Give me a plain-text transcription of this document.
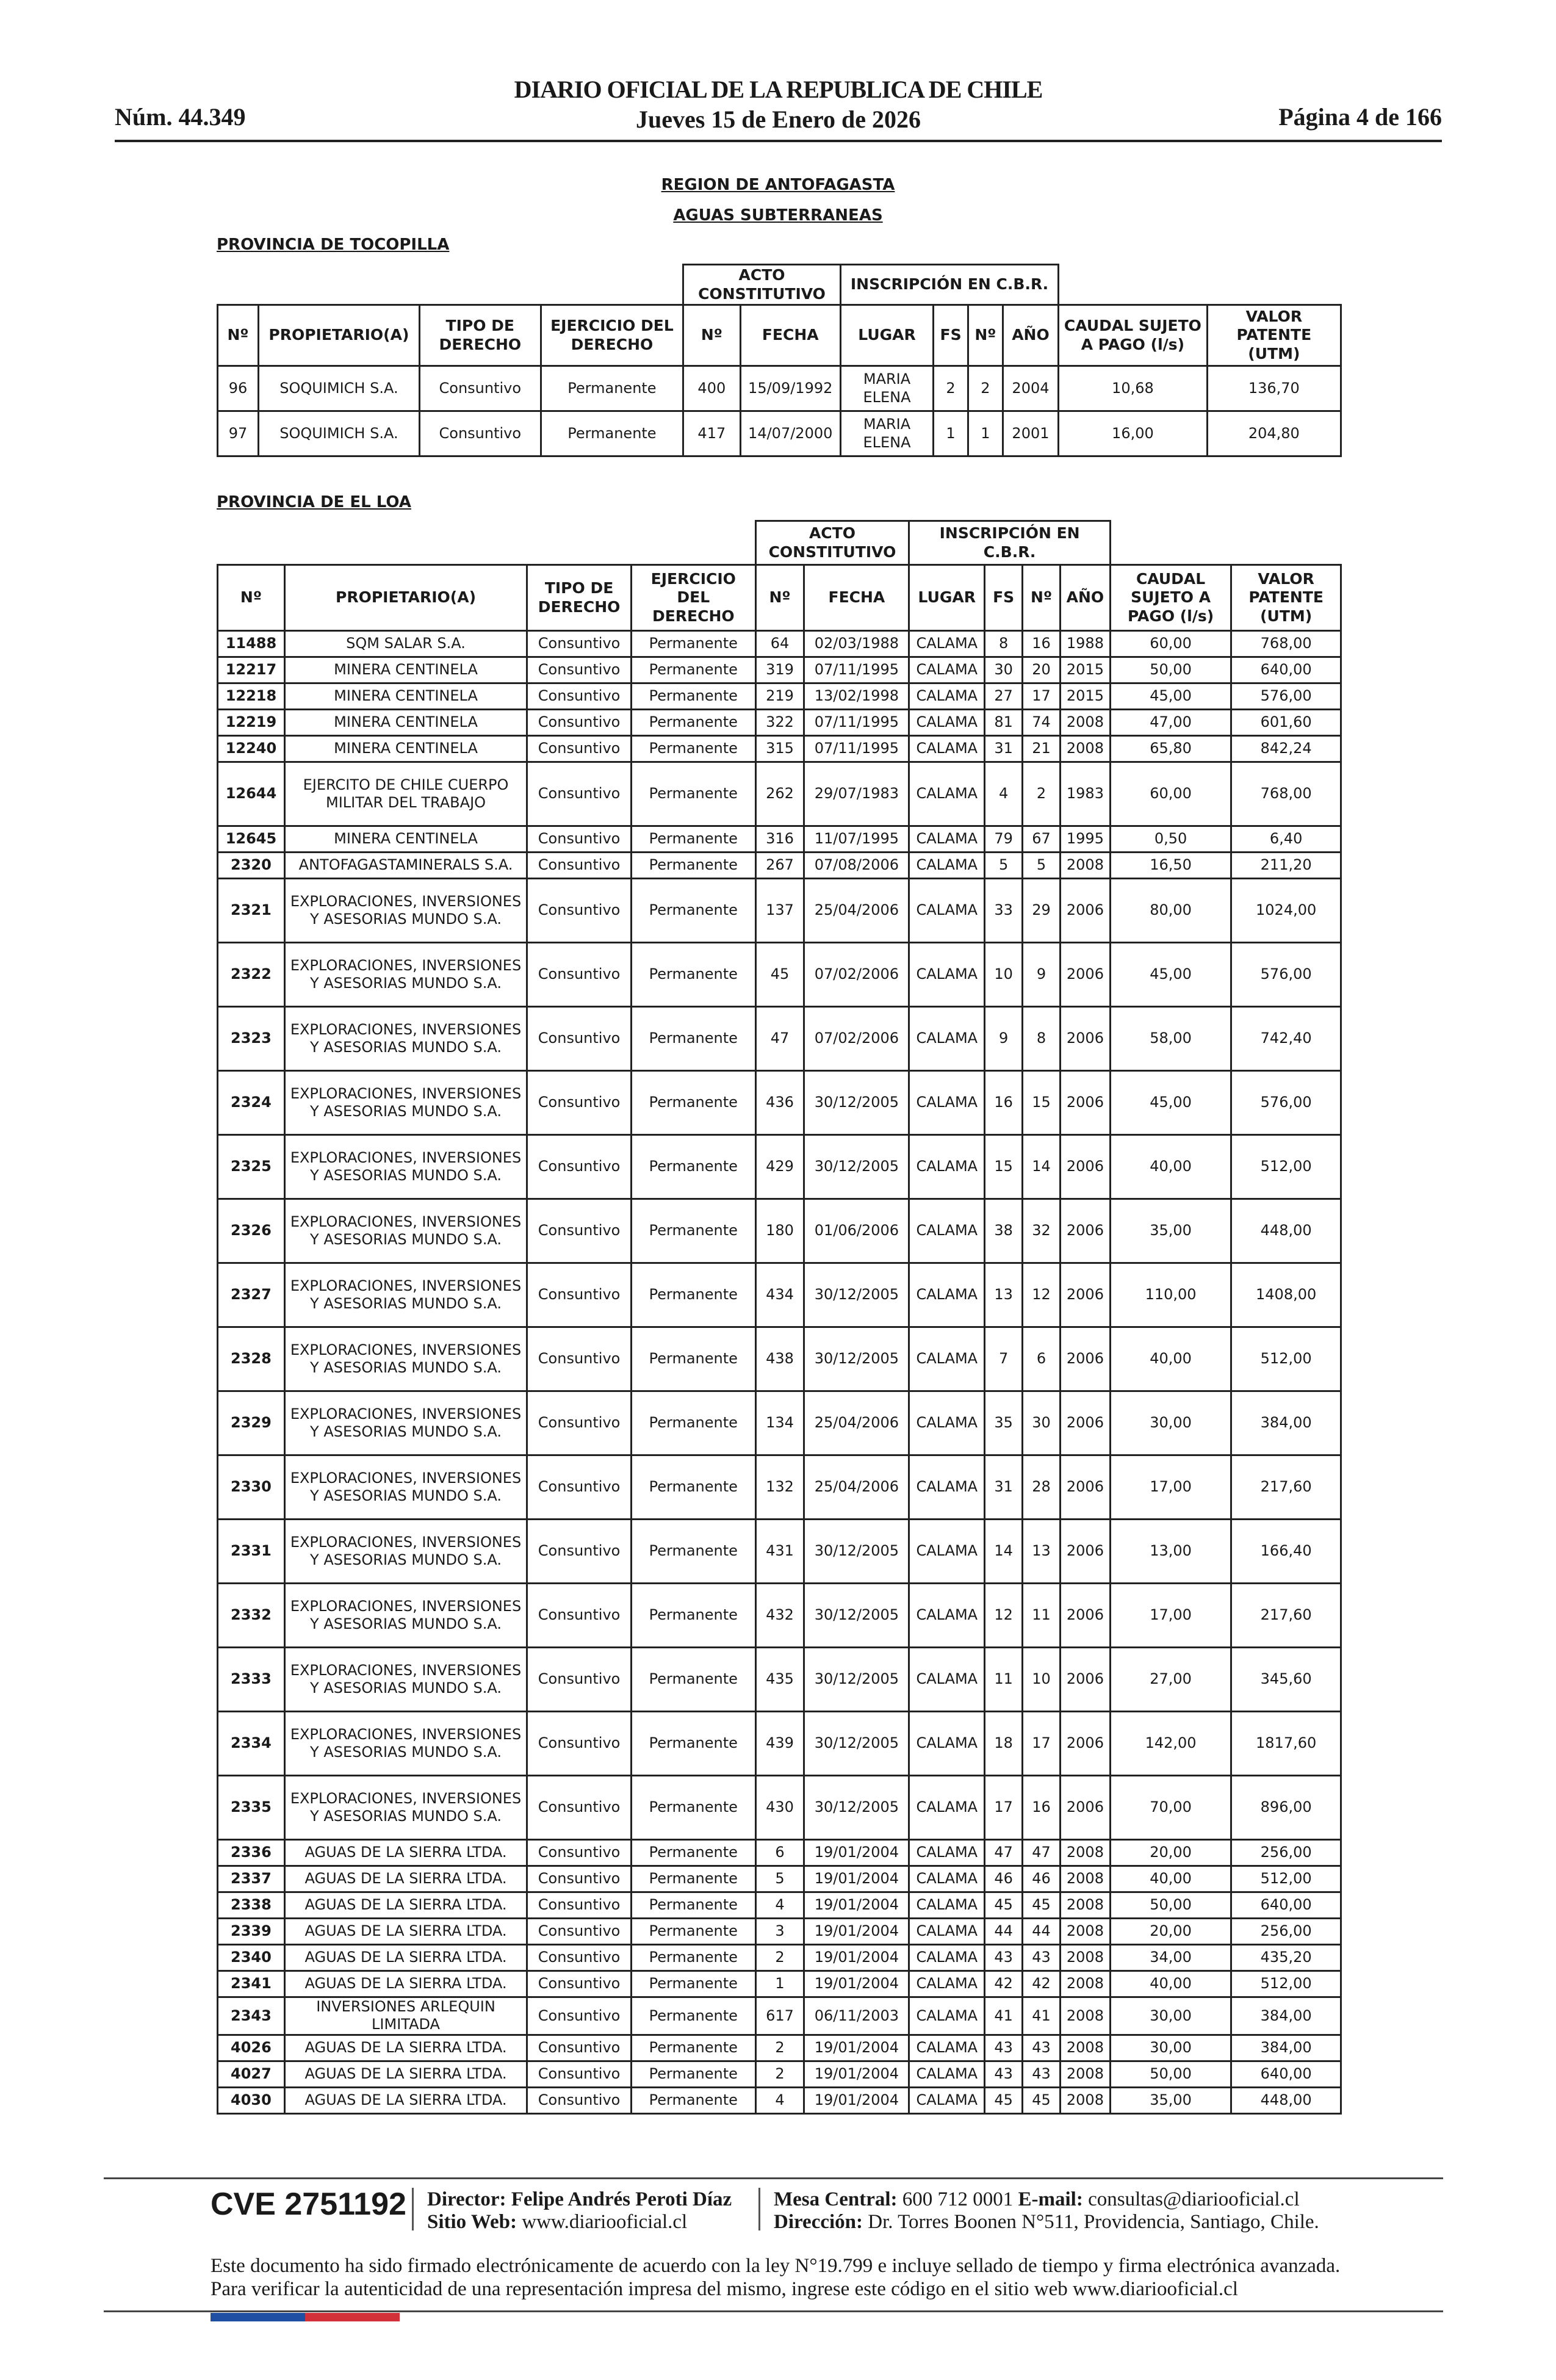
Núm. 44.349
DIARIO OFICIAL DE LA REPUBLICA DE CHILE
Jueves 15 de Enero de 2026	Página 4 de 166
REGION DE ANTOFAGASTA
AGUAS SUBTERRANEAS
PROVINCIA DE TOCOPILLA
				ACTO CONSTITUTIVO		INSCRIPCIÓN EN C.B.R.					
Nº	PROPIETARIO(A)	TIPO DE DERECHO	EJERCICIO DEL DERECHO	Nº	FECHA	LUGAR	FS	Nº	AÑO	CAUDAL SUJETO A PAGO (l/s)	VALOR PATENTE (UTM)
96	SOQUIMICH S.A.	Consuntivo	Permanente	400	15/09/1992	MARIA ELENA	2	2	2004	10,68	136,70
97	SOQUIMICH S.A.	Consuntivo	Permanente	417	14/07/2000	MARIA ELENA	1	1	2001	16,00	204,80
PROVINCIA DE EL LOA
				ACTO CONSTITUTIVO		INSCRIPCIÓN EN C.B.R.					
Nº	PROPIETARIO(A)	TIPO DE DERECHO	EJERCICIO DEL DERECHO	Nº	FECHA	LUGAR	FS	Nº	AÑO	CAUDAL SUJETO A PAGO (l/s)	VALOR PATENTE (UTM)
11488	SQM SALAR S.A.	Consuntivo	Permanente	64	02/03/1988	CALAMA	8	16	1988	60,00	768,00
12217	MINERA CENTINELA	Consuntivo	Permanente	319	07/11/1995	CALAMA	30	20	2015	50,00	640,00
12218	MINERA CENTINELA	Consuntivo	Permanente	219	13/02/1998	CALAMA	27	17	2015	45,00	576,00
12219	MINERA CENTINELA	Consuntivo	Permanente	322	07/11/1995	CALAMA	81	74	2008	47,00	601,60
12240	MINERA CENTINELA	Consuntivo	Permanente	315	07/11/1995	CALAMA	31	21	2008	65,80	842,24
12644	EJERCITO DE CHILE CUERPO MILITAR DEL TRABAJO	Consuntivo	Permanente	262	29/07/1983	CALAMA	4	2	1983	60,00	768,00
12645	MINERA CENTINELA	Consuntivo	Permanente	316	11/07/1995	CALAMA	79	67	1995	0,50	6,40
2320	ANTOFAGASTAMINERALS S.A.	Consuntivo	Permanente	267	07/08/2006	CALAMA	5	5	2008	16,50	211,20
2321	EXPLORACIONES, INVERSIONES Y ASESORIAS MUNDO S.A.	Consuntivo	Permanente	137	25/04/2006	CALAMA	33	29	2006	80,00	1024,00
2322	EXPLORACIONES, INVERSIONES Y ASESORIAS MUNDO S.A.	Consuntivo	Permanente	45	07/02/2006	CALAMA	10	9	2006	45,00	576,00
2323	EXPLORACIONES, INVERSIONES Y ASESORIAS MUNDO S.A.	Consuntivo	Permanente	47	07/02/2006	CALAMA	9	8	2006	58,00	742,40
2324	EXPLORACIONES, INVERSIONES Y ASESORIAS MUNDO S.A.	Consuntivo	Permanente	436	30/12/2005	CALAMA	16	15	2006	45,00	576,00
2325	EXPLORACIONES, INVERSIONES Y ASESORIAS MUNDO S.A.	Consuntivo	Permanente	429	30/12/2005	CALAMA	15	14	2006	40,00	512,00
2326	EXPLORACIONES, INVERSIONES Y ASESORIAS MUNDO S.A.	Consuntivo	Permanente	180	01/06/2006	CALAMA	38	32	2006	35,00	448,00
2327	EXPLORACIONES, INVERSIONES Y ASESORIAS MUNDO S.A.	Consuntivo	Permanente	434	30/12/2005	CALAMA	13	12	2006	110,00	1408,00
2328	EXPLORACIONES, INVERSIONES Y ASESORIAS MUNDO S.A.	Consuntivo	Permanente	438	30/12/2005	CALAMA	7	6	2006	40,00	512,00
2329	EXPLORACIONES, INVERSIONES Y ASESORIAS MUNDO S.A.	Consuntivo	Permanente	134	25/04/2006	CALAMA	35	30	2006	30,00	384,00
2330	EXPLORACIONES, INVERSIONES Y ASESORIAS MUNDO S.A.	Consuntivo	Permanente	132	25/04/2006	CALAMA	31	28	2006	17,00	217,60
2331	EXPLORACIONES, INVERSIONES Y ASESORIAS MUNDO S.A.	Consuntivo	Permanente	431	30/12/2005	CALAMA	14	13	2006	13,00	166,40
2332	EXPLORACIONES, INVERSIONES Y ASESORIAS MUNDO S.A.	Consuntivo	Permanente	432	30/12/2005	CALAMA	12	11	2006	17,00	217,60
2333	EXPLORACIONES, INVERSIONES Y ASESORIAS MUNDO S.A.	Consuntivo	Permanente	435	30/12/2005	CALAMA	11	10	2006	27,00	345,60
2334	EXPLORACIONES, INVERSIONES Y ASESORIAS MUNDO S.A.	Consuntivo	Permanente	439	30/12/2005	CALAMA	18	17	2006	142,00	1817,60
2335	EXPLORACIONES, INVERSIONES Y ASESORIAS MUNDO S.A.	Consuntivo	Permanente	430	30/12/2005	CALAMA	17	16	2006	70,00	896,00
2336	AGUAS DE LA SIERRA LTDA.	Consuntivo	Permanente	6	19/01/2004	CALAMA	47	47	2008	20,00	256,00
2337	AGUAS DE LA SIERRA LTDA.	Consuntivo	Permanente	5	19/01/2004	CALAMA	46	46	2008	40,00	512,00
2338	AGUAS DE LA SIERRA LTDA.	Consuntivo	Permanente	4	19/01/2004	CALAMA	45	45	2008	50,00	640,00
2339	AGUAS DE LA SIERRA LTDA.	Consuntivo	Permanente	3	19/01/2004	CALAMA	44	44	2008	20,00	256,00
2340	AGUAS DE LA SIERRA LTDA.	Consuntivo	Permanente	2	19/01/2004	CALAMA	43	43	2008	34,00	435,20
2341	AGUAS DE LA SIERRA LTDA.	Consuntivo	Permanente	1	19/01/2004	CALAMA	42	42	2008	40,00	512,00
2343	INVERSIONES ARLEQUIN LIMITADA	Consuntivo	Permanente	617	06/11/2003	CALAMA	41	41	2008	30,00	384,00
4026	AGUAS DE LA SIERRA LTDA.	Consuntivo	Permanente	2	19/01/2004	CALAMA	43	43	2008	30,00	384,00
4027	AGUAS DE LA SIERRA LTDA.	Consuntivo	Permanente	2	19/01/2004	CALAMA	43	43	2008	50,00	640,00
4030	AGUAS DE LA SIERRA LTDA.	Consuntivo	Permanente	4	19/01/2004	CALAMA	45	45	2008	35,00	448,00
CVE 2751192 Director: Felipe Andrés Peroti Díaz
Sitio Web: www.diariooficial.cl
Mesa Central: 600 712 0001 E-mail: consultas@diariooficial.cl
Dirección: Dr. Torres Boonen N°511, Providencia, Santiago, Chile.
Este documento ha sido firmado electrónicamente de acuerdo con la ley N°19.799 e incluye sellado de tiempo y firma electrónica avanzada. Para verificar la autenticidad de una representación impresa del mismo, ingrese este código en el sitio web www.diariooficial.cl
